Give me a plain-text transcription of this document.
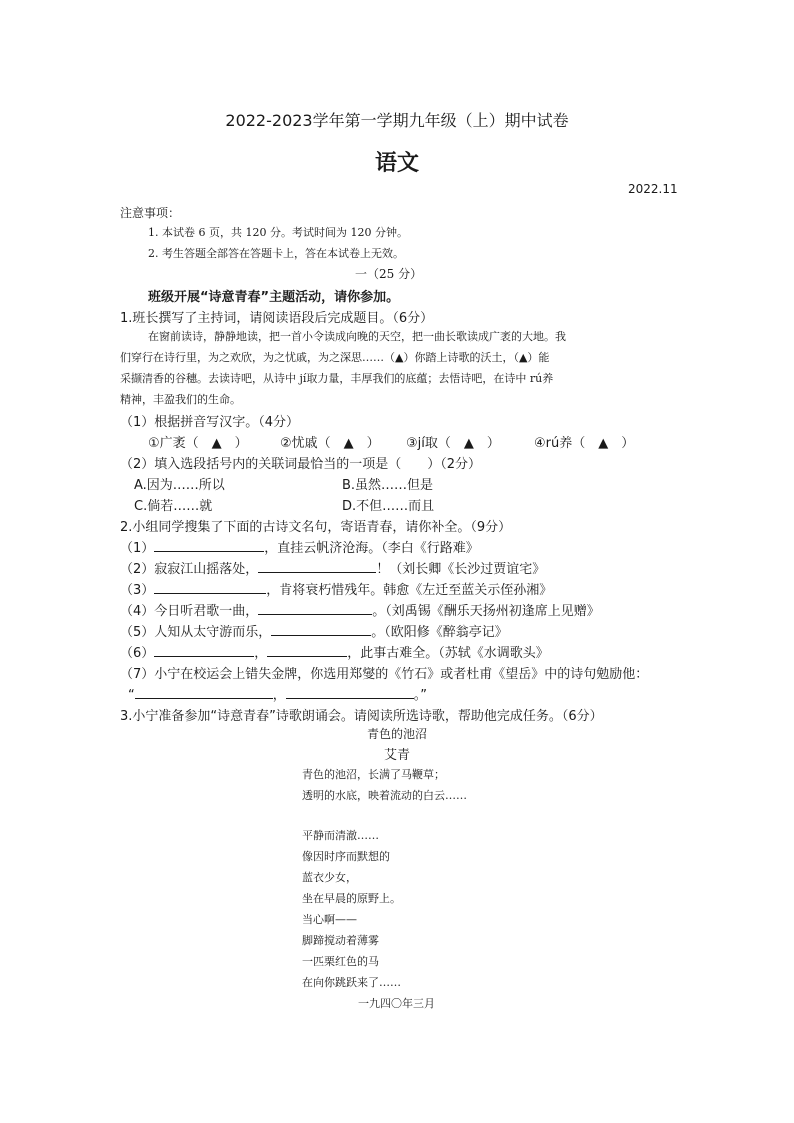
2022-2023学年第一学期九年级（上）期中试卷
语文
2022.11
注意事项：
1. 本试卷 6 页，共 120 分。考试时间为 120 分钟。
2. 考生答题全部答在答题卡上，答在本试卷上无效。
一（25 分）
班级开展“诗意青春”主题活动，请你参加。
1.班长撰写了主持词，请阅读语段后完成题目。（6分）
在窗前读诗，静静地读，把一首小令读成向晚的天空，把一曲长歌读成广袤的大地。我
们穿行在诗行里，为之欢欣，为之忧戚，为之深思……（▲）你踏上诗歌的沃土，（▲）能
采撷清香的谷穗。去读诗吧，从诗中 jí取力量，丰厚我们的底蕴；去悟诗吧，在诗中 rú养
精神，丰盈我们的生命。
（1）根据拼音写汉字。（4分）
①广袤（　▲　） ②忧戚（　▲　） ③jí取（　▲　）	④rú养（　▲　）
（2）填入选段括号内的关联词最恰当的一项是（　　）（2分）
A.因为……所以	B.虽然……但是
C.倘若……就	D.不但……而且
2.小组同学搜集了下面的古诗文名句，寄语青春，请你补全。（9分）
（1）	，直挂云帆济沧海。（李白《行路难》
（2）寂寂江山摇落处，	！（刘长卿《长沙过贾谊宅》
（3）	，肯将衰朽惜残年。韩愈《左迁至蓝关示侄孙湘》
（4）今日听君歌一曲，	。（刘禹锡《酬乐天扬州初逢席上见赠》
（5）人知从太守游而乐，	。（欧阳修《醉翁亭记》
（6）	，	，此事古难全。（苏轼《水调歌头》
（7）小宁在校运会上错失金牌，你选用郑燮的《竹石》或者杜甫《望岳》中的诗句勉励他：
“	，	。”
3.小宁准备参加“诗意青春”诗歌朗诵会。请阅读所选诗歌，帮助他完成任务。（6分）
青色的池沼
艾青
青色的池沼，长满了马鞭草；
透明的水底，映着流动的白云……
平静而清澈……
像因时序而默想的
蓝衣少女，
坐在早晨的原野上。
当心啊——
脚蹄搅动着薄雾
一匹栗红色的马
在向你跳跃来了……
一九四〇年三月
